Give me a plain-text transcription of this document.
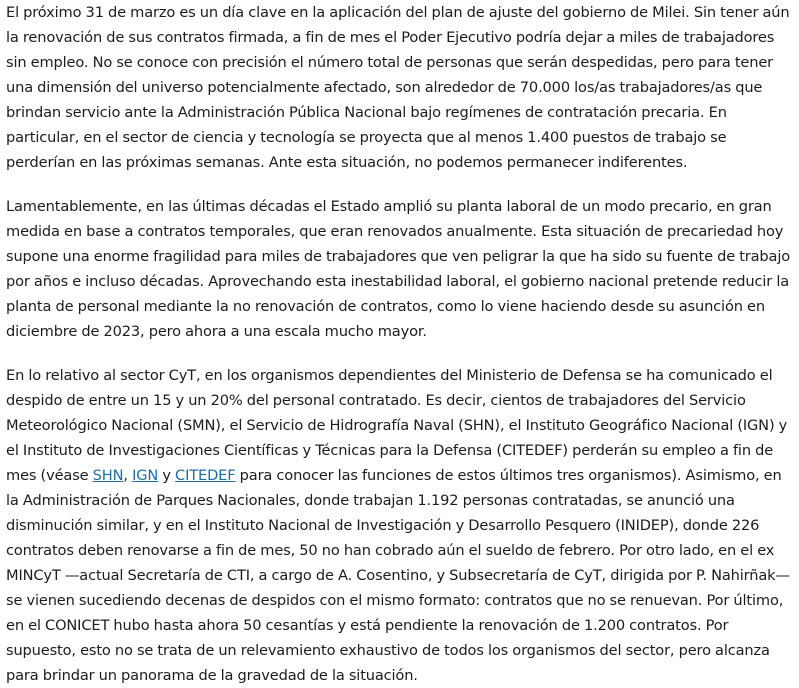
El próximo 31 de marzo es un día clave en la aplicación del plan de ajuste del gobierno de Milei. Sin tener aún la renovación de sus contratos firmada, a fin de mes el Poder Ejecutivo podría dejar a miles de trabajadores sin empleo. No se conoce con precisión el número total de personas que serán despedidas, pero para tener una dimensión del universo potencialmente afectado, son alrededor de 70.000 los/as trabajadores/as que brindan servicio ante la Administración Pública Nacional bajo regímenes de contratación precaria. En particular, en el sector de ciencia y tecnología se proyecta que al menos 1.400 puestos de trabajo se perderían en las próximas semanas. Ante esta situación, no podemos permanecer indiferentes.

Lamentablemente, en las últimas décadas el Estado amplió su planta laboral de un modo precario, en gran medida en base a contratos temporales, que eran renovados anualmente. Esta situación de precariedad hoy supone una enorme fragilidad para miles de trabajadores que ven peligrar la que ha sido su fuente de trabajo por años e incluso décadas. Aprovechando esta inestabilidad laboral, el gobierno nacional pretende reducir la planta de personal mediante la no renovación de contratos, como lo viene haciendo desde su asunción en diciembre de 2023, pero ahora a una escala mucho mayor.

En lo relativo al sector CyT, en los organismos dependientes del Ministerio de Defensa se ha comunicado el despido de entre un 15 y un 20% del personal contratado. Es decir, cientos de trabajadores del Servicio Meteorológico Nacional (SMN), el Servicio de Hidrografía Naval (SHN), el Instituto Geográfico Nacional (IGN) y el Instituto de Investigaciones Científicas y Técnicas para la Defensa (CITEDEF) perderán su empleo a fin de mes (véase SHN, IGN y CITEDEF para conocer las funciones de estos últimos tres organismos). Asimismo, en la Administración de Parques Nacionales, donde trabajan 1.192 personas contratadas, se anunció una disminución similar, y en el Instituto Nacional de Investigación y Desarrollo Pesquero (INIDEP), donde 226 contratos deben renovarse a fin de mes, 50 no han cobrado aún el sueldo de febrero. Por otro lado, en el ex MINCyT —actual Secretaría de CTI, a cargo de A. Cosentino, y Subsecretaría de CyT, dirigida por P. Nahirñak— se vienen sucediendo decenas de despidos con el mismo formato: contratos que no se renuevan. Por último, en el CONICET hubo hasta ahora 50 cesantías y está pendiente la renovación de 1.200 contratos. Por supuesto, esto no se trata de un relevamiento exhaustivo de todos los organismos del sector, pero alcanza para brindar un panorama de la gravedad de la situación.
